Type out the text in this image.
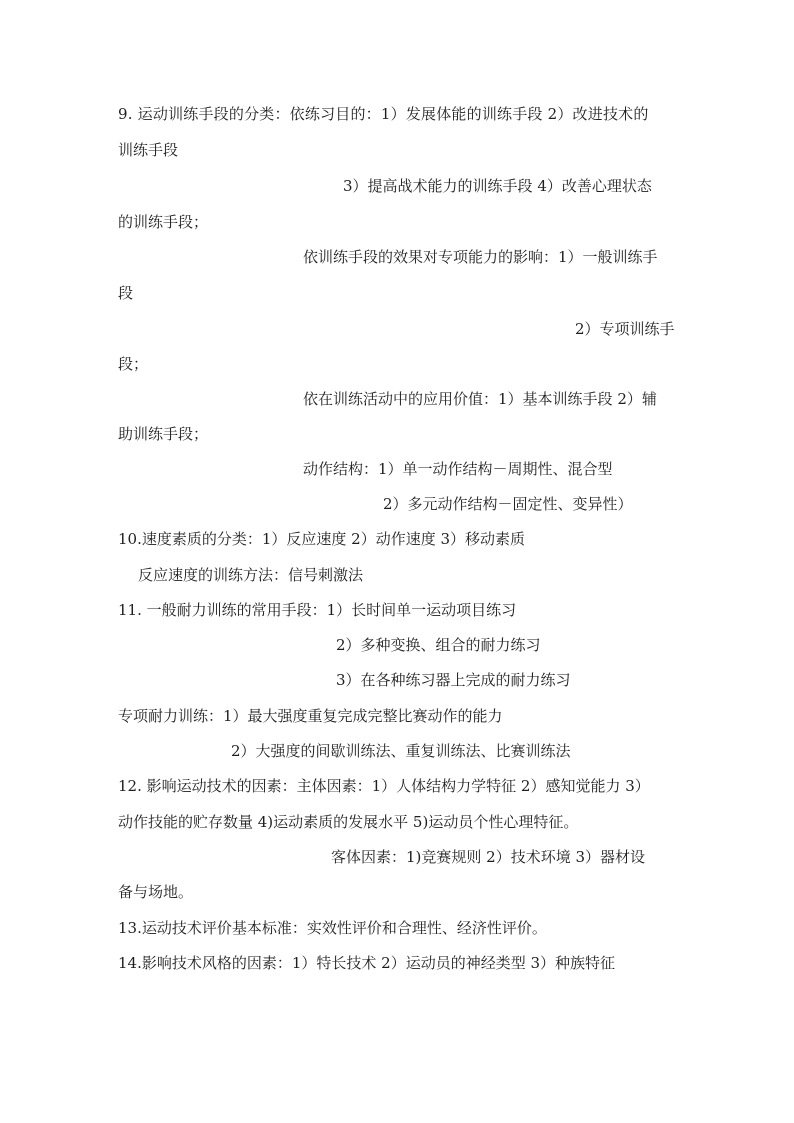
9. 运动训练手段的分类：依练习目的：1）发展体能的训练手段 2）改进技术的
训练手段
3）提高战术能力的训练手段 4）改善心理状态
的训练手段；
依训练手段的效果对专项能力的影响：1）一般训练手
段
2）专项训练手
段；
依在训练活动中的应用价值：1）基本训练手段 2）辅
助训练手段；
动作结构：1）单一动作结构－周期性、混合型
2）多元动作结构－固定性、变异性）
10.速度素质的分类：1）反应速度 2）动作速度 3）移动素质
反应速度的训练方法：信号刺激法
11. 一般耐力训练的常用手段：1）长时间单一运动项目练习
2）多种变换、组合的耐力练习
3）在各种练习器上完成的耐力练习
专项耐力训练：1）最大强度重复完成完整比赛动作的能力
2）大强度的间歇训练法、重复训练法、比赛训练法
12. 影响运动技术的因素：主体因素：1）人体结构力学特征 2）感知觉能力 3）
动作技能的贮存数量 4)运动素质的发展水平 5)运动员个性心理特征。
客体因素：1)竞赛规则 2）技术环境 3）器材设
备与场地。
13.运动技术评价基本标准：实效性评价和合理性、经济性评价。
14.影响技术风格的因素：1）特长技术 2）运动员的神经类型 3）种族特征
